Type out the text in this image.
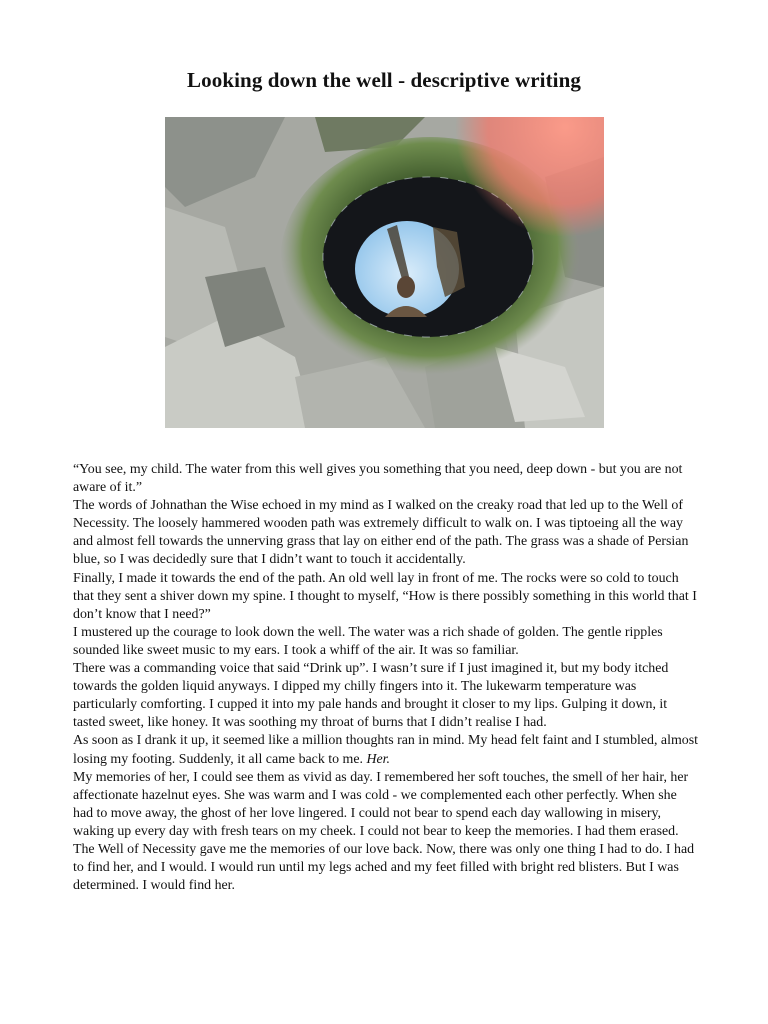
Looking down the well - descriptive writing

“You see, my child. The water from this well gives you something that you need, deep down - but you are not aware of it.”

The words of Johnathan the Wise echoed in my mind as I walked on the creaky road that led up to the Well of Necessity. The loosely hammered wooden path was extremely difficult to walk on. I was tiptoeing all the way and almost fell towards the unnerving grass that lay on either end of the path. The grass was a shade of Persian blue, so I was decidedly sure that I didn’t want to touch it accidentally.

Finally, I made it towards the end of the path. An old well lay in front of me. The rocks were so cold to touch that they sent a shiver down my spine. I thought to myself, “How is there possibly something in this world that I don’t know that I need?”

I mustered up the courage to look down the well. The water was a rich shade of golden. The gentle ripples sounded like sweet music to my ears. I took a whiff of the air. It was so familiar.

There was a commanding voice that said “Drink up”. I wasn’t sure if I just imagined it, but my body itched towards the golden liquid anyways. I dipped my chilly fingers into it. The lukewarm temperature was particularly comforting. I cupped it into my pale hands and brought it closer to my lips. Gulping it down, it tasted sweet, like honey. It was soothing my throat of burns that I didn’t realise I had.

As soon as I drank it up, it seemed like a million thoughts ran in mind. My head felt faint and I stumbled, almost losing my footing. Suddenly, it all came back to me. Her.

My memories of her, I could see them as vivid as day. I remembered her soft touches, the smell of her hair, her affectionate hazelnut eyes. She was warm and I was cold - we complemented each other perfectly. When she had to move away, the ghost of her love lingered. I could not bear to spend each day wallowing in misery, waking up every day with fresh tears on my cheek. I could not bear to keep the memories. I had them erased.

The Well of Necessity gave me the memories of our love back. Now, there was only one thing I had to do. I had to find her, and I would. I would run until my legs ached and my feet filled with bright red blisters. But I was determined. I would find her.
